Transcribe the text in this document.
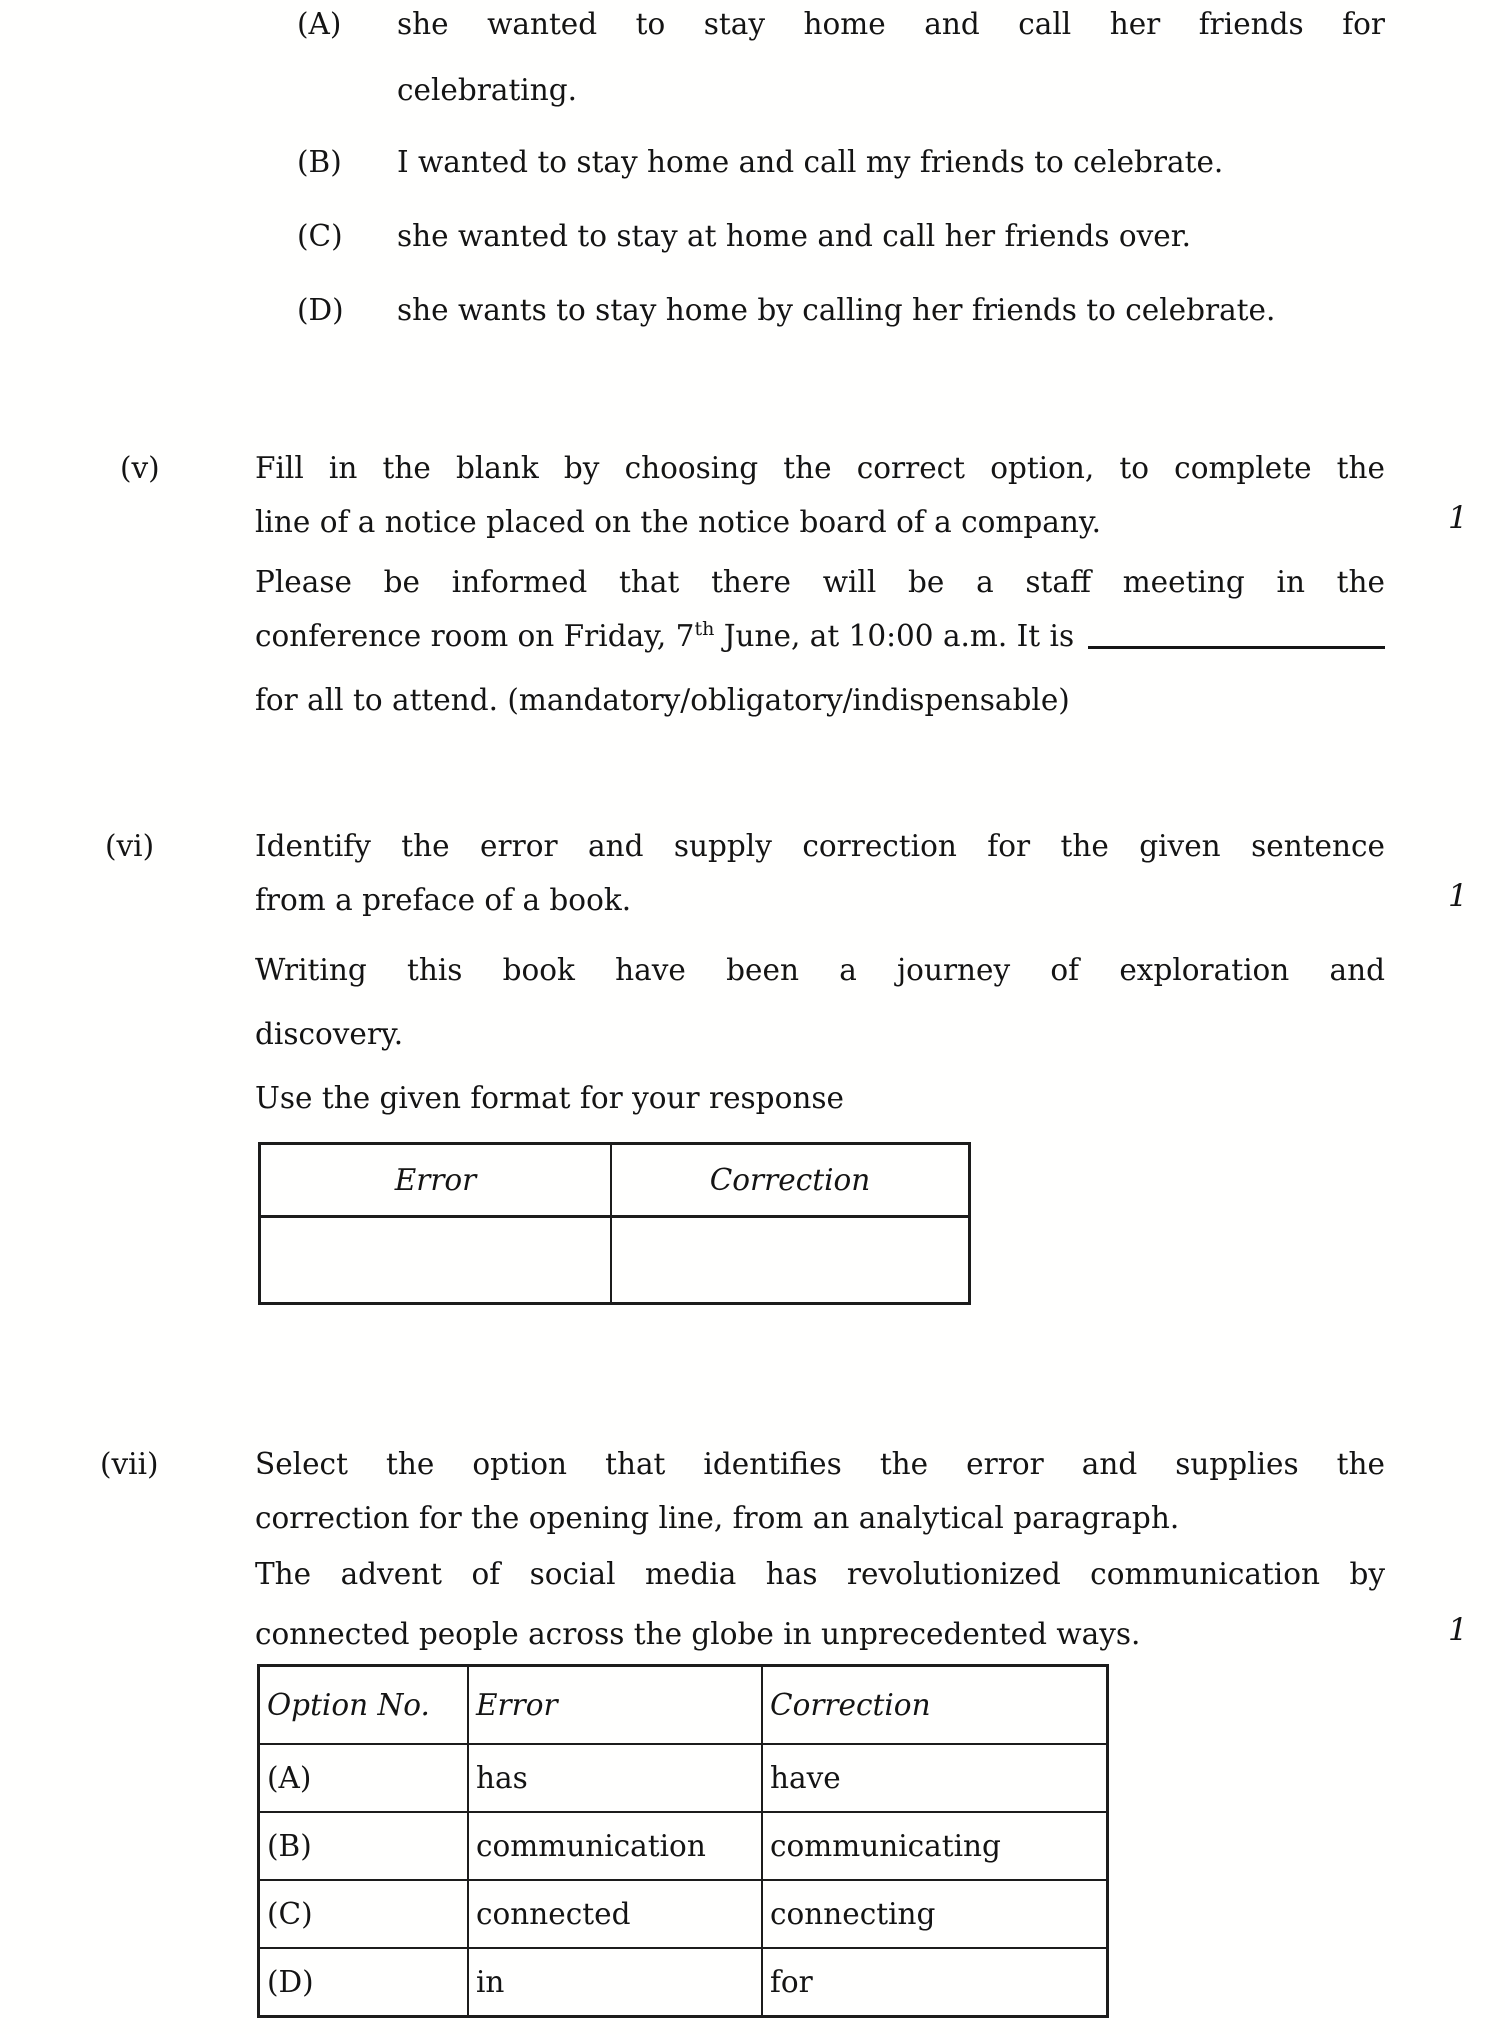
(A) she wanted to stay home and call her friends for
celebrating.
(B) I wanted to stay home and call my friends to celebrate.
(C) she wanted to stay at home and call her friends over.
(D) she wants to stay home by calling her friends to celebrate.
(v)	Fill in the blank by choosing the correct option, to complete the
line of a notice placed on the notice board of a company.	1
Please be informed that there will be a staff meeting in the
conference room on Friday, 7th June, at 10:00 a.m. It is
for all to attend. (mandatory/obligatory/indispensable)
(vi)	Identify the error and supply correction for the given sentence
from a preface of a book.	1
Writing this book have been a journey of exploration and
discovery.
Use the given format for your response
Error	Correction

(vii)	Select the option that identifies the error and supplies the
correction for the opening line, from an analytical paragraph.
The advent of social media has revolutionized communication by
connected people across the globe in unprecedented ways.	1
Option No.	Error	Correction
(A)	has	have
(B)	communication	communicating
(C)	connected	connecting
(D)	in	for
